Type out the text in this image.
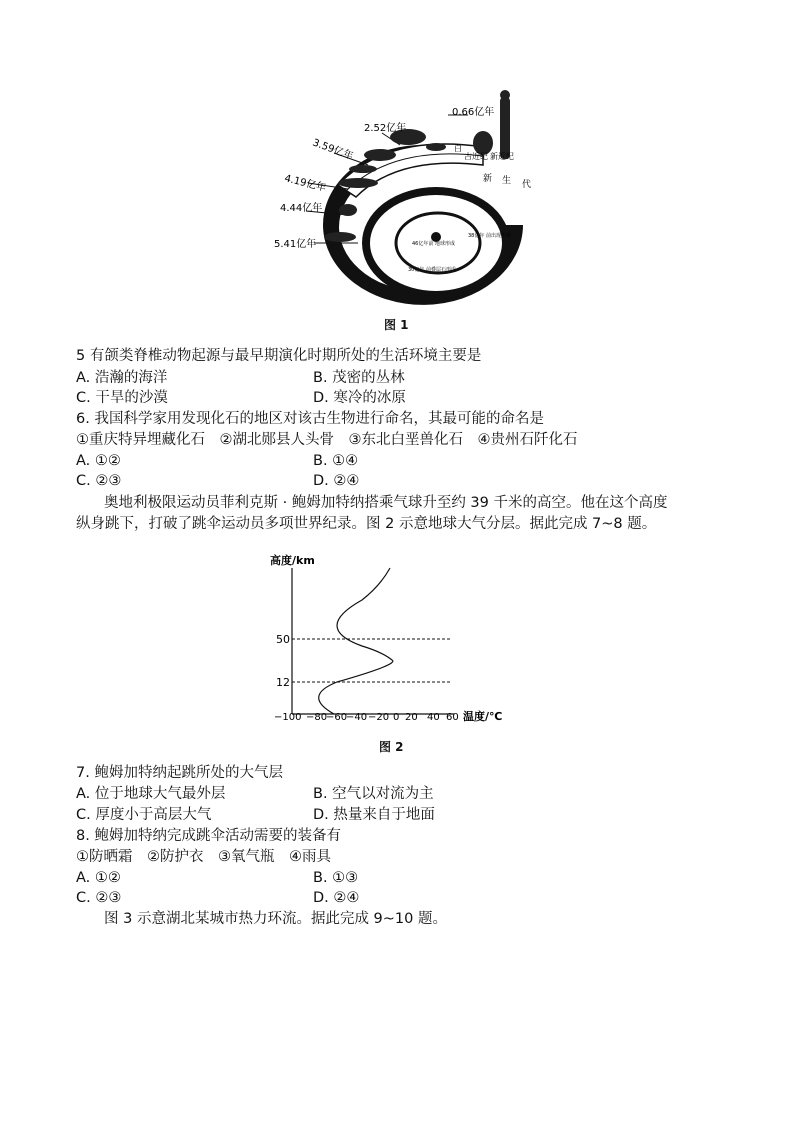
古近纪 新近纪
白
新 生 代
46亿年前 地球形成
38亿年 前出现生命
30亿年 前叠层石形成
0.66亿年
2.52亿年
3.59亿年
4.19亿年
4.44亿年
5.41亿年
图 1
5 有颌类脊椎动物起源与最早期演化时期所处的生活环境主要是
A. 浩瀚的海洋	B. 茂密的丛林
C. 干旱的沙漠	D. 寒冷的冰原
6. 我国科学家用发现化石的地区对该古生物进行命名，其最可能的命名是
①重庆特异埋藏化石　②湖北郧县人头骨　③东北白垩兽化石　④贵州石阡化石
A. ①②	B. ①④
C. ②③	D. ②④
奥地利极限运动员菲利克斯 · 鲍姆加特纳搭乘气球升至约 39 千米的高空。他在这个高度
纵身跳下，打破了跳伞运动员多项世界纪录。图 2 示意地球大气分层。据此完成 7~8 题。
高度/km
50
12
−100 −80
−60
−40 −20 0 20 40 60 温度/℃
图 2
7. 鲍姆加特纳起跳所处的大气层
A. 位于地球大气最外层	B. 空气以对流为主
C. 厚度小于高层大气	D. 热量来自于地面
8. 鲍姆加特纳完成跳伞活动需要的装备有
①防晒霜　②防护衣　③氧气瓶　④雨具
A. ①②	B. ①③
C. ②③	D. ②④
图 3 示意湖北某城市热力环流。据此完成 9~10 题。
